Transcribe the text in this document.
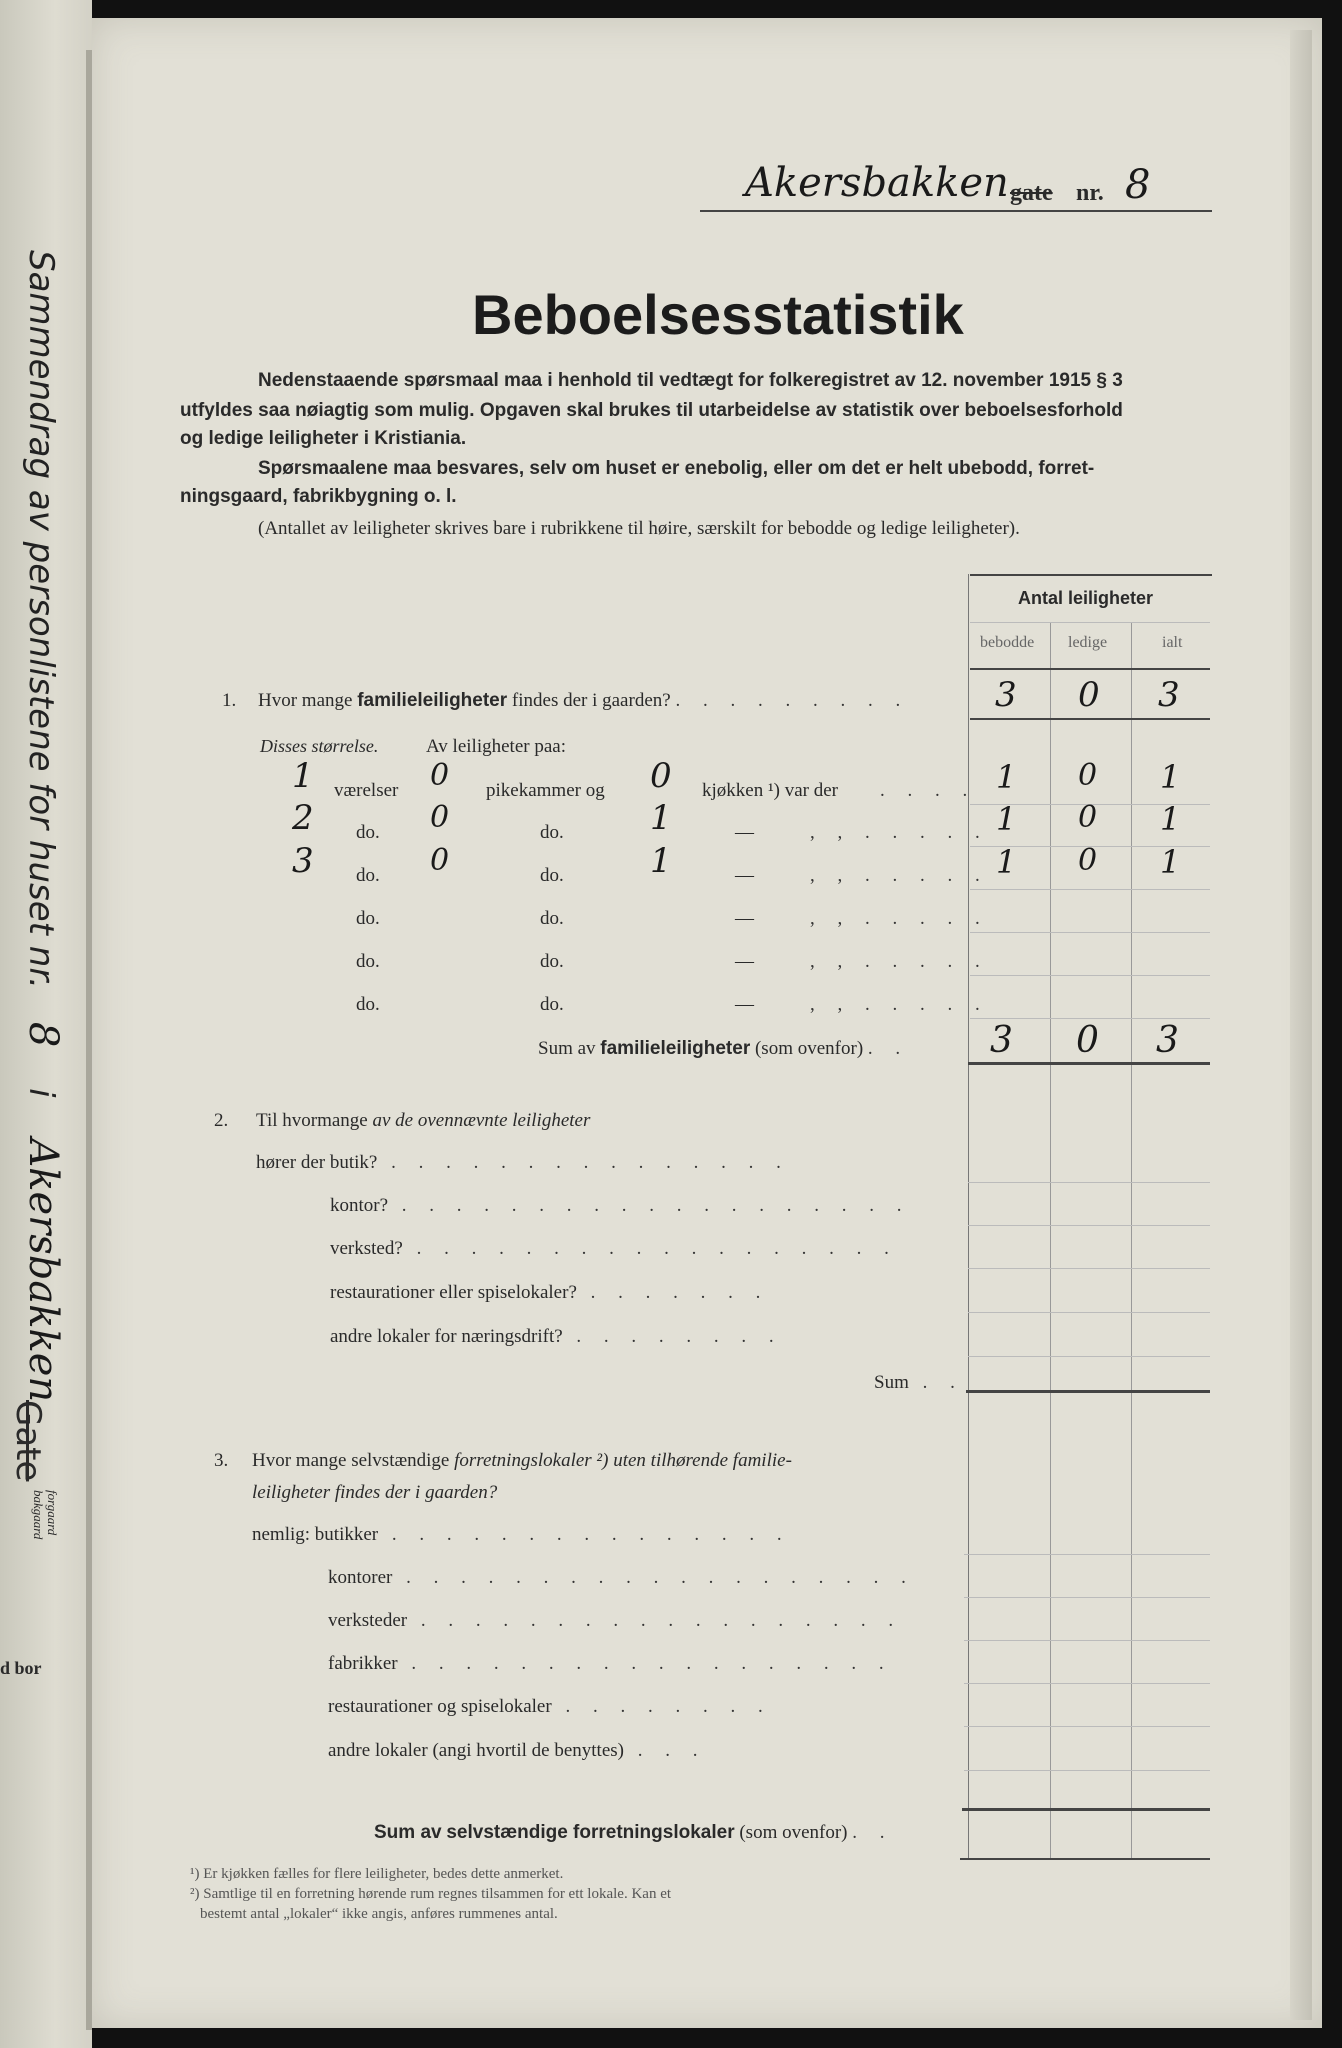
Sammendrag av personlistene for huset nr. 8 i Akersbakken
Gate
forgaard
bakgaard
d bor
Akersbakken gate nr. 8
Beboelsesstatistik
Nedenstaaende spørsmaal maa i henhold til vedtægt for folkeregistret av 12. november 1915 § 3
utfyldes saa nøiagtig som mulig. Opgaven skal brukes til utarbeidelse av statistik over beboelsesforhold
og ledige leiligheter i Kristiania.
Spørsmaalene maa besvares, selv om huset er enebolig, eller om det er helt ubebodd, forret-
ningsgaard, fabrikbygning o. l.
(Antallet av leiligheter skrives bare i rubrikkene til høire, særskilt for bebodde og ledige leiligheter).
Antal leiligheter
bebodde ledige	ialt
1. Hvor mange familieleiligheter findes der i gaarden? . . . . . . . . .	3 0 3
Disses størrelse.	Av leiligheter paa:
1 værelser 0 pikekammer og 0 kjøkken ¹) var der . . . . 1 0 1
2 do. 0	do.	1	—	, , . . . . . 1 0 1
3 do. 0	do.	1	—	, , . . . . . 1 0 1
do.	do.	—	, , . . . . .
do.	do.	—	, , . . . . .
do.	do.	—	, , . . . . .
Sum av familieleiligheter (som ovenfor) . . 3 0 3
2. Til hvormange av de ovennævnte leiligheter
hører der butik? . . . . . . . . . . . . . . .
kontor? . . . . . . . . . . . . . . . . . . .
verksted? . . . . . . . . . . . . . . . . . .
restaurationer eller spiselokaler? . . . . . . .
andre lokaler for næringsdrift? . . . . . . . .
Sum . .
3. Hvor mange selvstændige forretningslokaler ²) uten tilhørende familie-
leiligheter findes der i gaarden?
nemlig: butikker . . . . . . . . . . . . . . .
kontorer . . . . . . . . . . . . . . . . . . .
verksteder . . . . . . . . . . . . . . . . . .
fabrikker . . . . . . . . . . . . . . . . . .
restaurationer og spiselokaler . . . . . . . .
andre lokaler (angi hvortil de benyttes) . . .
Sum av selvstændige forretningslokaler (som ovenfor) . .
¹) Er kjøkken fælles for flere leiligheter, bedes dette anmerket.
²) Samtlige til en forretning hørende rum regnes tilsammen for ett lokale. Kan et
bestemt antal „lokaler“ ikke angis, anføres rummenes antal.
